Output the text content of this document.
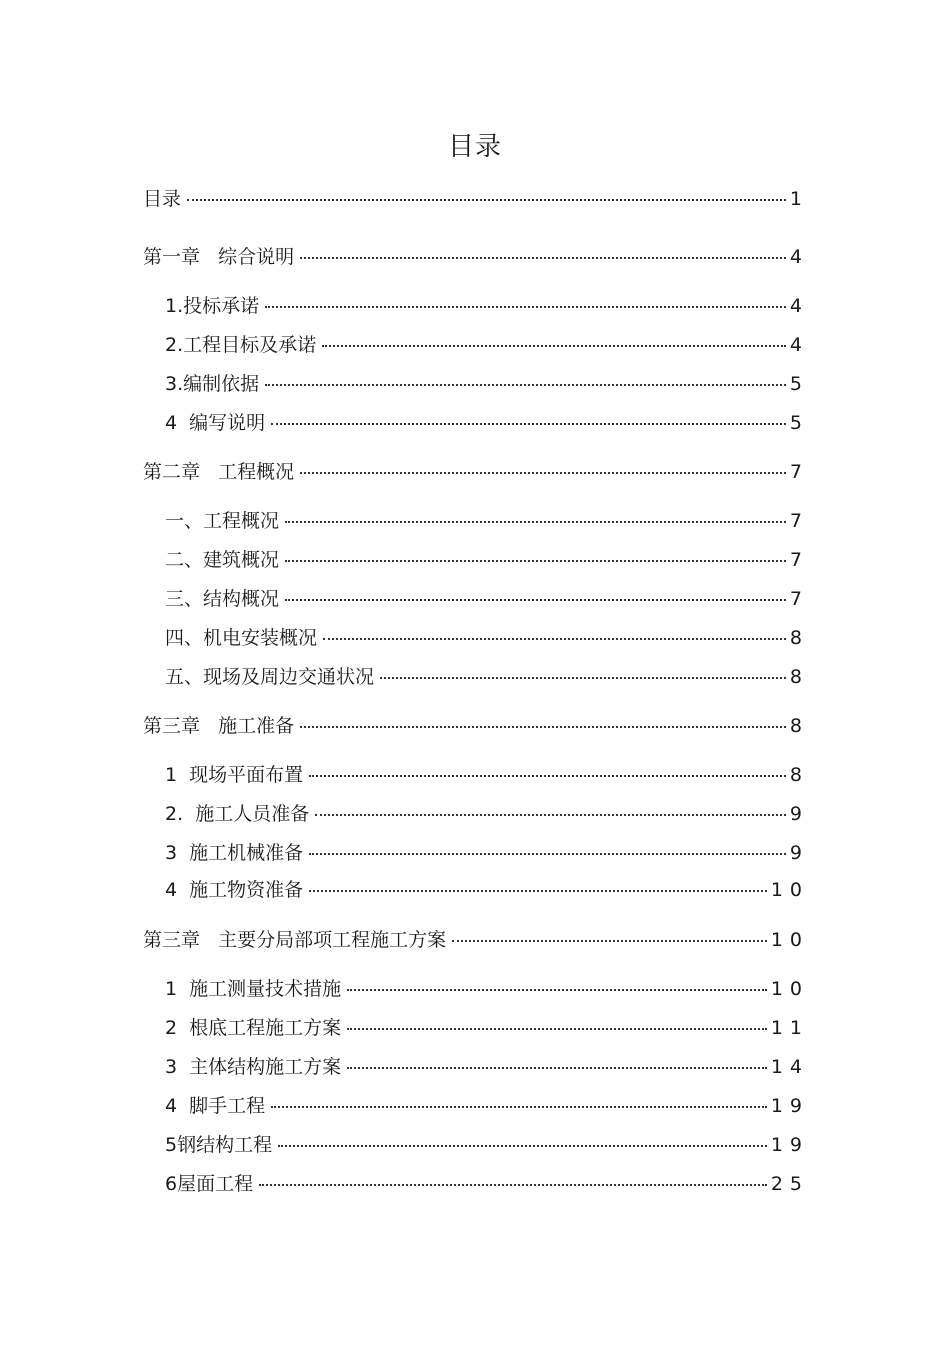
目录
目录	1
第一章   综合说明	4
1.投标承诺	4
2.工程目标及承诺	4
3.编制依据	5
4  编写说明	5
第二章   工程概况	7
一、工程概况	7
二、建筑概况	7
三、结构概况	7
四、机电安装概况	8
五、现场及周边交通状况	8
第三章   施工准备	8
1  现场平面布置	8
2.  施工人员准备	9
3  施工机械准备	9
4  施工物资准备	10
第三章   主要分局部项工程施工方案	10
1  施工测量技术措施	10
2  根底工程施工方案	11
3  主体结构施工方案	14
4  脚手工程	19
5钢结构工程	19
6屋面工程	25
